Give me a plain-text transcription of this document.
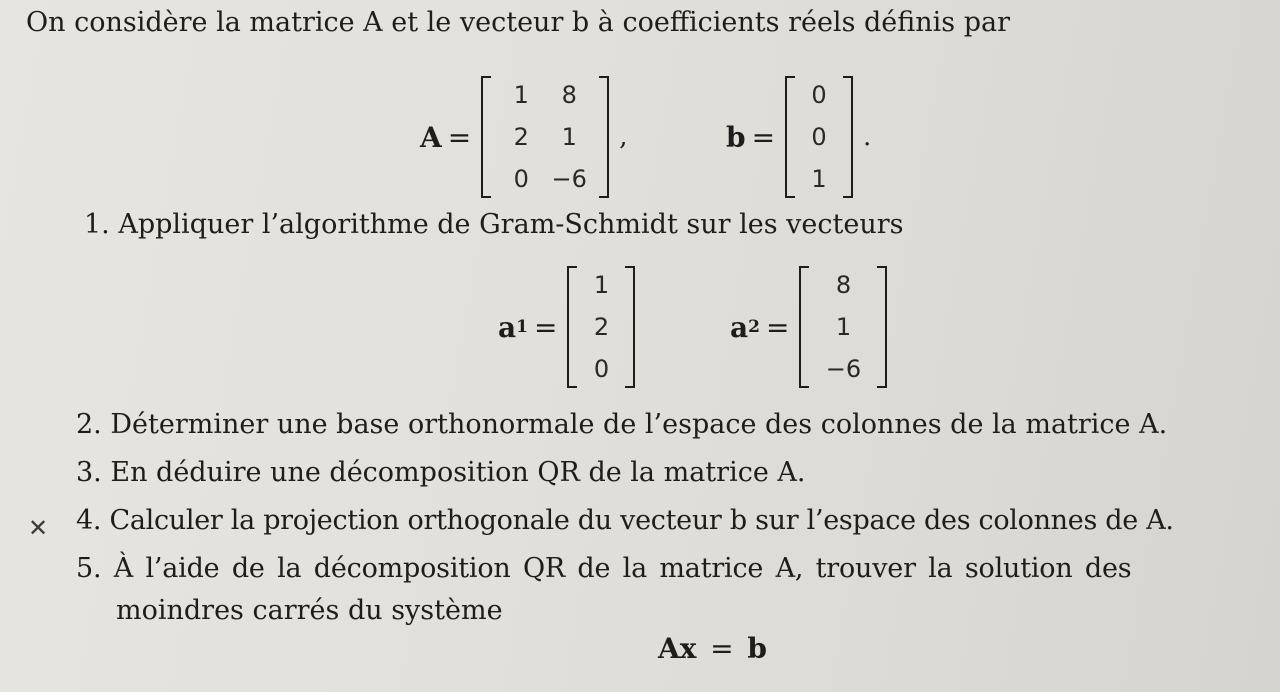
On considère la matrice A et le vecteur b à coefficients réels définis par
A =
1	8
2	1
0 −6
,	b =
0
0
1
.
1. Appliquer l’algorithme de Gram-Schmidt sur les vecteurs
a 1 =
1
2
0
a 2 =
8
1
−6
2. Déterminer une base orthonormale de l’espace des colonnes de la matrice A.
3. En déduire une décomposition QR de la matrice A.
✕ 4. Calculer la projection orthogonale du vecteur b sur l’espace des colonnes de A.
5. À l’aide de la décomposition QR de la matrice A, trouver la solution des
moindres carrés du système
Ax = b
